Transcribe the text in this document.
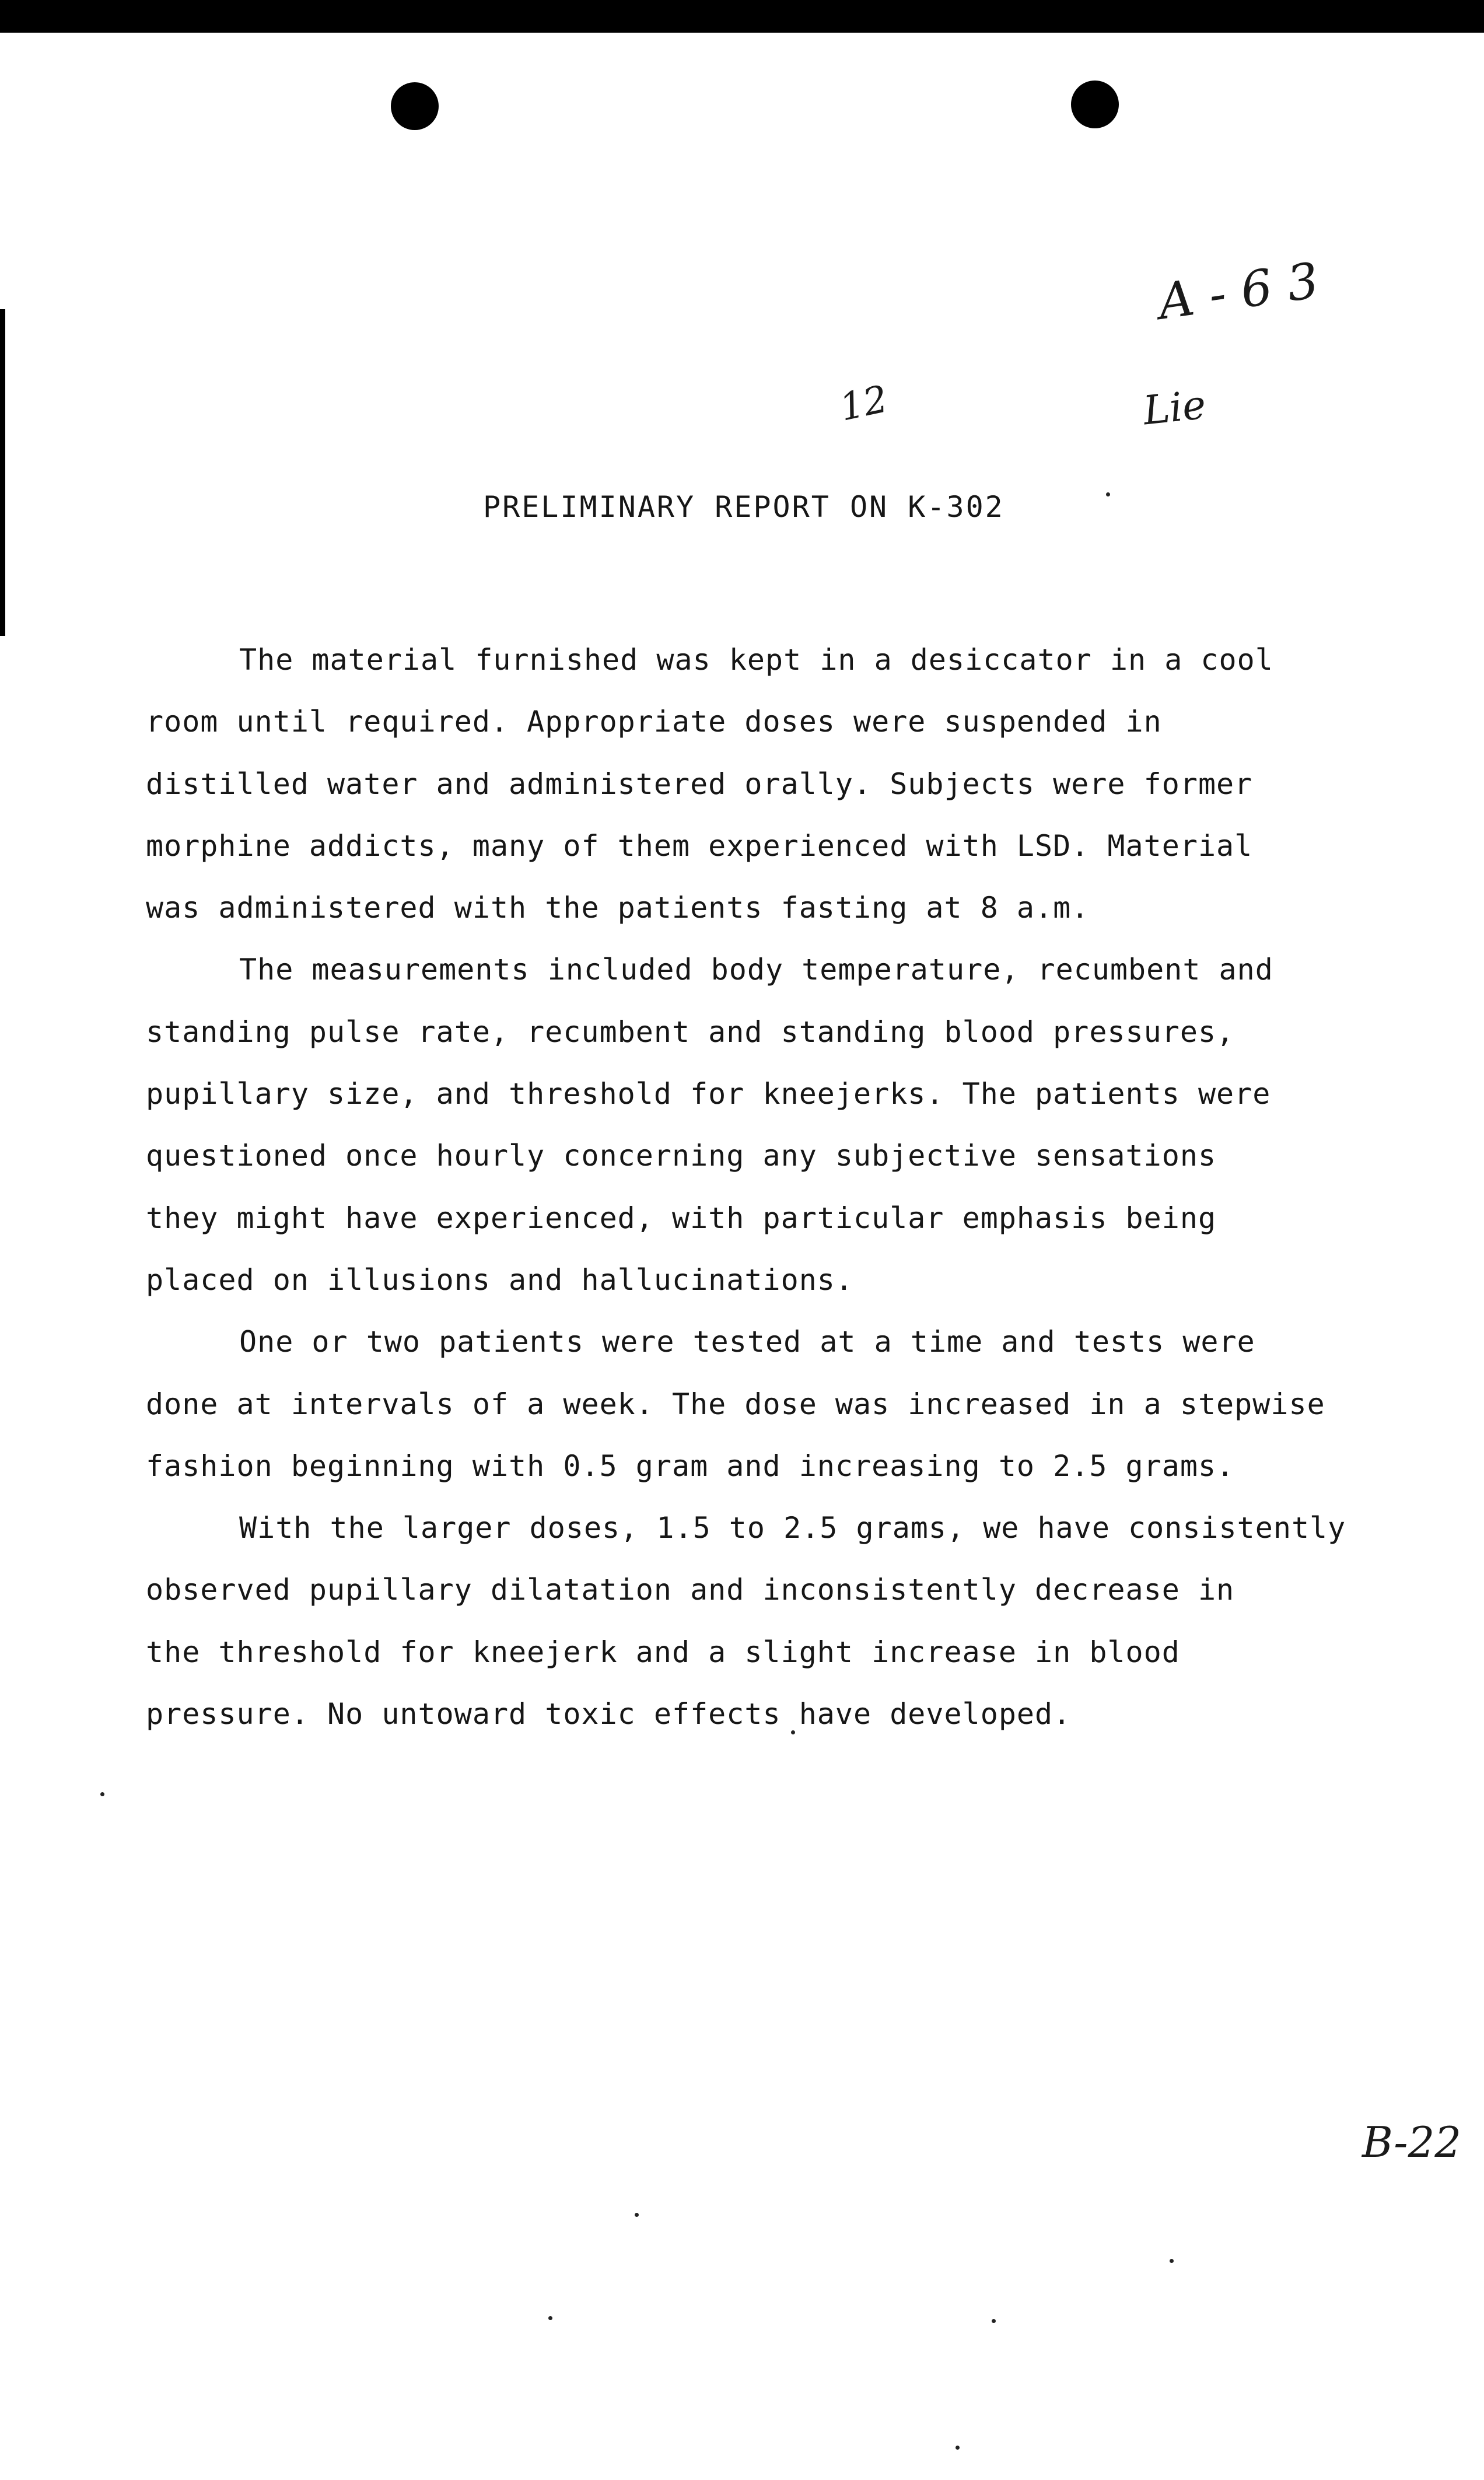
12
A - 6 3
Lie
B-22
PRELIMINARY REPORT ON K-302
The material furnished was kept in a desiccator in a cool
room until required. Appropriate doses were suspended in
distilled water and administered orally. Subjects were former
morphine addicts, many of them experienced with LSD. Material
was administered with the patients fasting at 8 a.m.
The measurements included body temperature, recumbent and
standing pulse rate, recumbent and standing blood pressures,
pupillary size, and threshold for kneejerks. The patients were
questioned once hourly concerning any subjective sensations
they might have experienced, with particular emphasis being
placed on illusions and hallucinations.
One or two patients were tested at a time and tests were
done at intervals of a week. The dose was increased in a stepwise
fashion beginning with 0.5 gram and increasing to 2.5 grams.
With the larger doses, 1.5 to 2.5 grams, we have consistently
observed pupillary dilatation and inconsistently decrease in
the threshold for kneejerk and a slight increase in blood
pressure. No untoward toxic effects have developed.
